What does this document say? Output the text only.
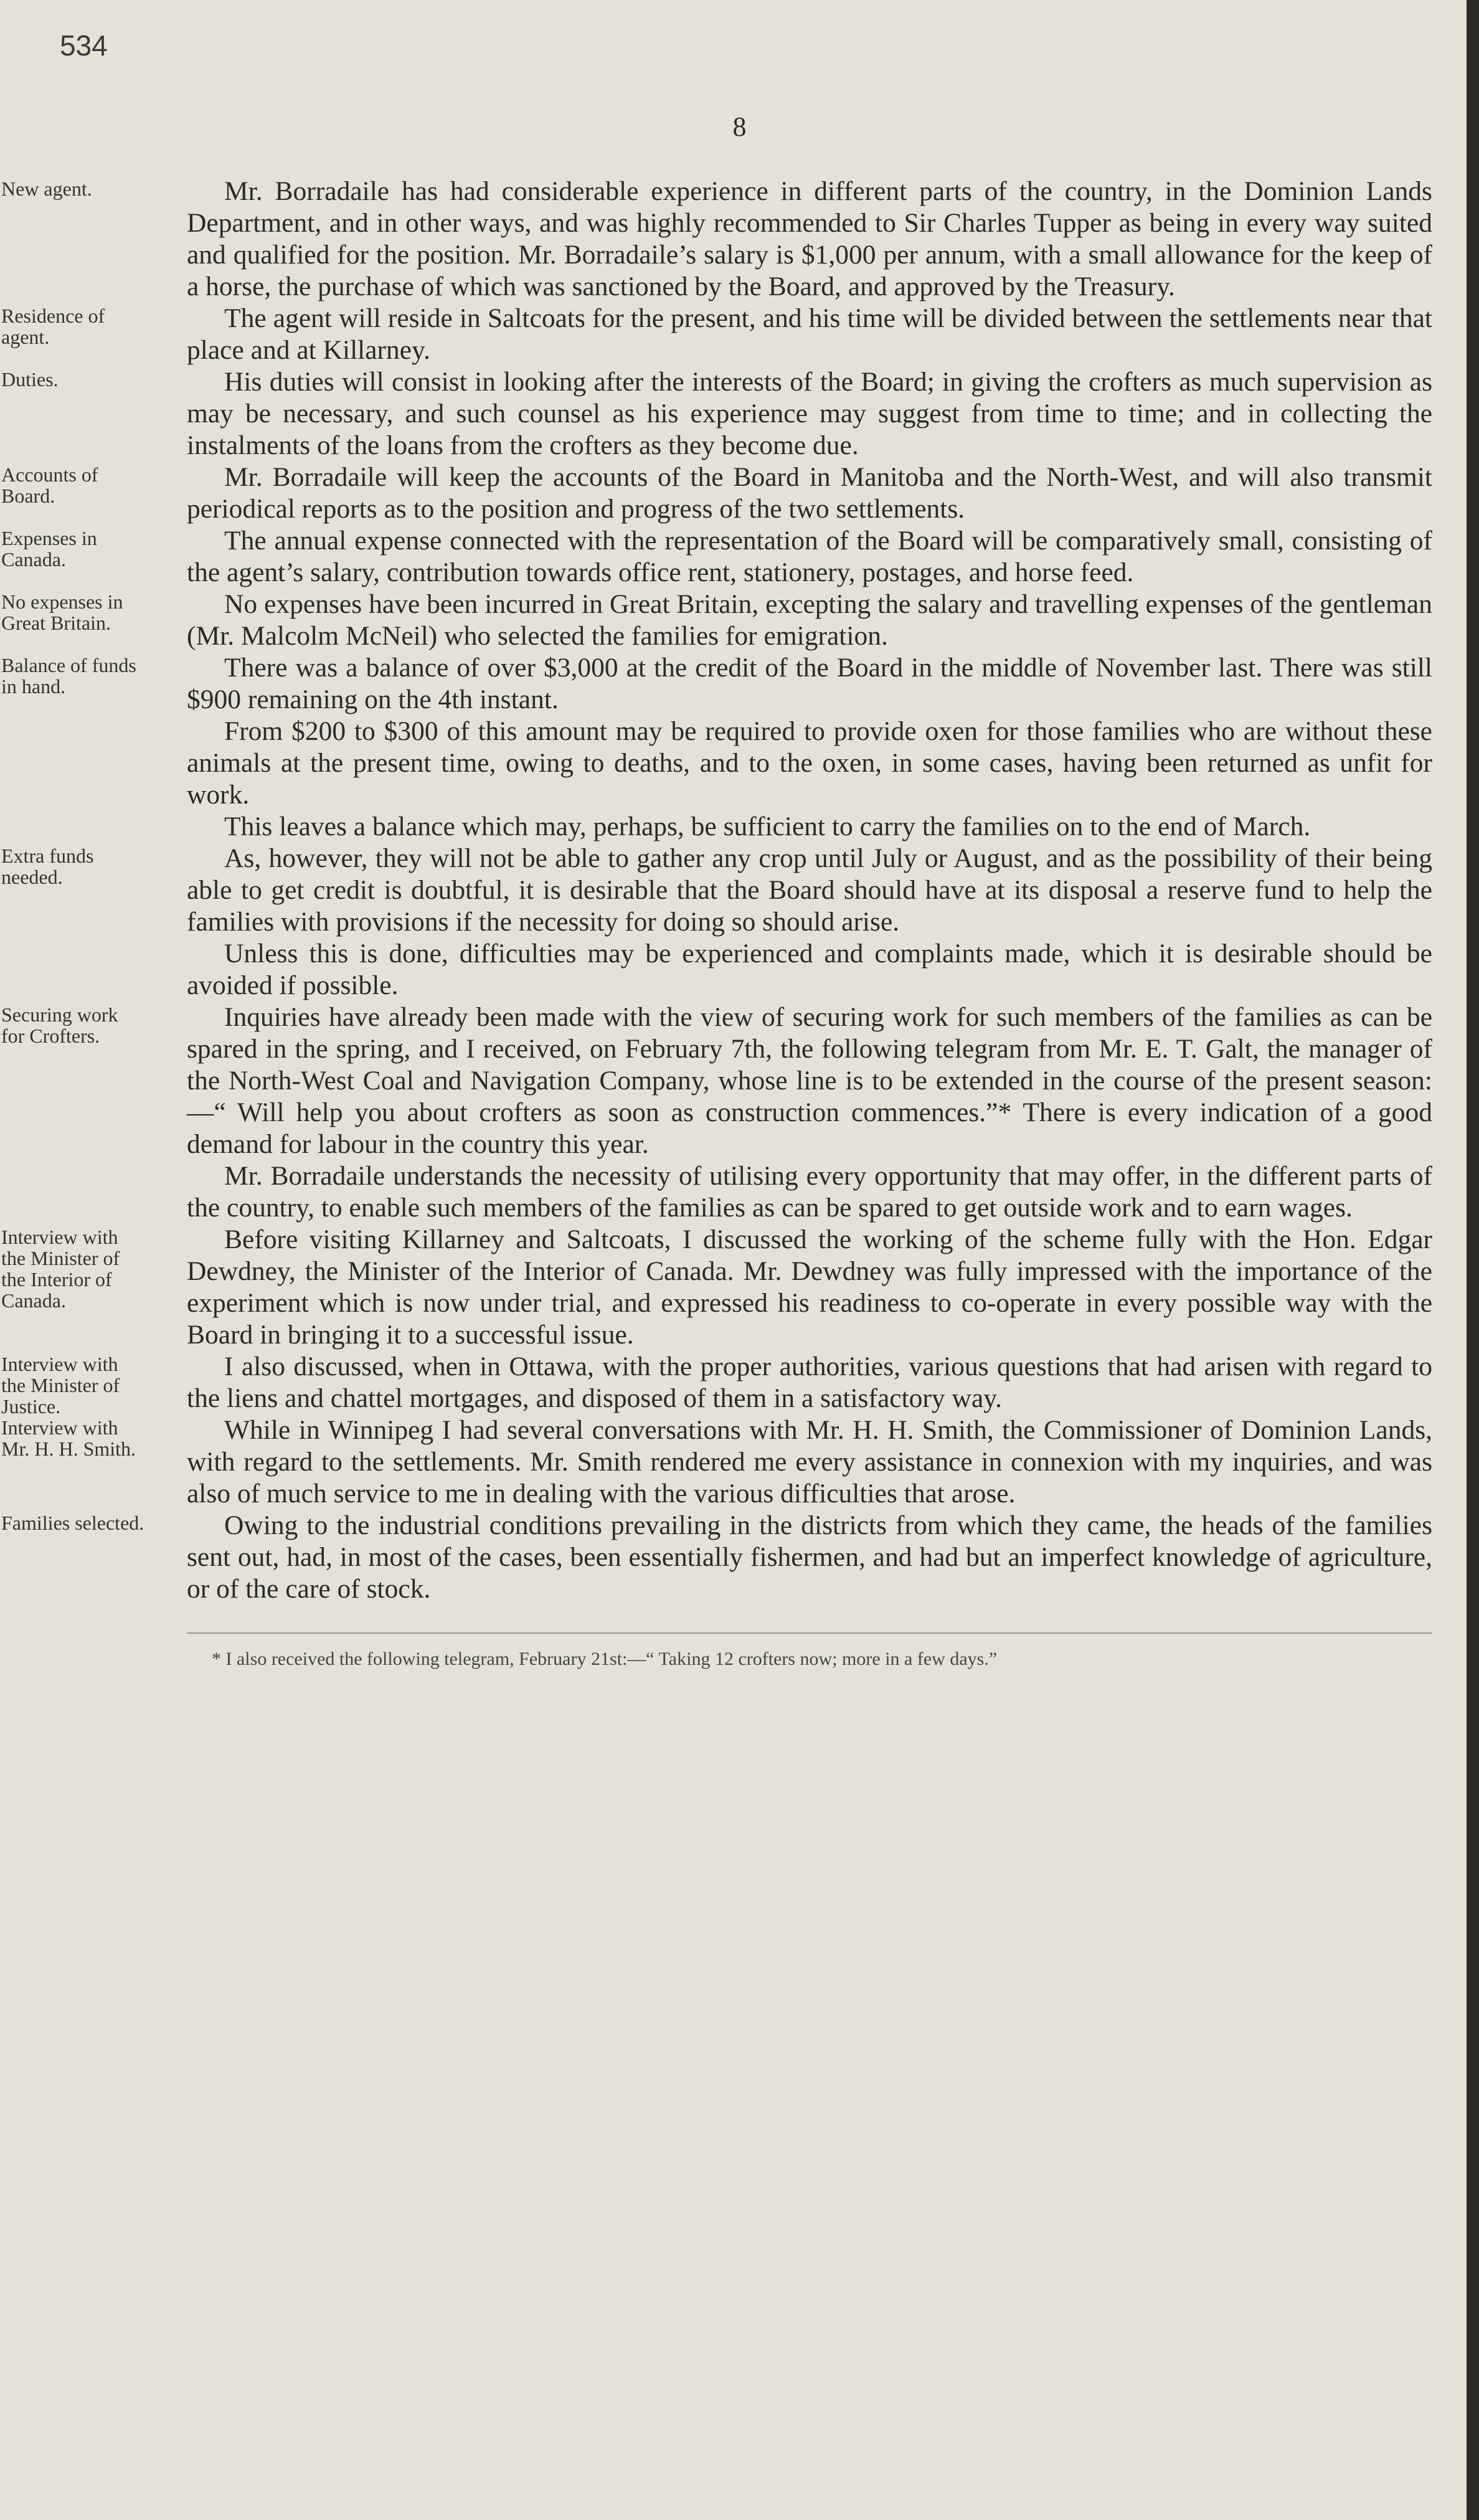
534
8

New agent.	Mr. Borradaile has had considerable experience in different parts of the country, in the Dominion Lands Department, and in other ways, and was highly recommended to Sir Charles Tupper as being in every way suited and qualified for the position. Mr. Borradaile’s salary is $1,000 per annum, with a small allowance for the keep of a horse, the purchase of which was sanctioned by the Board, and approved by the Treasury.

Residence of agent.
The agent will reside in Saltcoats for the present, and his time will be divided between the settlements near that place and at Killarney.

Duties.	His duties will consist in looking after the interests of the Board; in giving the crofters as much supervision as may be necessary, and such counsel as his experience may suggest from time to time; and in collecting the instalments of the loans from the crofters as they become due.

Accounts of Board.
Mr. Borradaile will keep the accounts of the Board in Manitoba and the North-West, and will also transmit periodical reports as to the position and progress of the two settlements.

Expenses in Canada.
The annual expense connected with the representation of the Board will be comparatively small, consisting of the agent’s salary, contribution towards office rent, stationery, postages, and horse feed.

No expenses in Great Britain.
No expenses have been incurred in Great Britain, excepting the salary and travelling expenses of the gentleman (Mr. Malcolm McNeil) who selected the families for emigration.

Balance of funds in hand.
There was a balance of over $3,000 at the credit of the Board in the middle of November last. There was still $900 remaining on the 4th instant.

From $200 to $300 of this amount may be required to provide oxen for those families who are without these animals at the present time, owing to deaths, and to the oxen, in some cases, having been returned as unfit for work.

This leaves a balance which may, perhaps, be sufficient to carry the families on to the end of March.

Extra funds needed.
As, however, they will not be able to gather any crop until July or August, and as the possibility of their being able to get credit is doubtful, it is desirable that the Board should have at its disposal a reserve fund to help the families with provisions if the necessity for doing so should arise.

Unless this is done, difficulties may be experienced and complaints made, which it is desirable should be avoided if possible.

Securing work for Crofters.
Inquiries have already been made with the view of securing work for such members of the families as can be spared in the spring, and I received, on February 7th, the following telegram from Mr. E. T. Galt, the manager of the North-West Coal and Navigation Company, whose line is to be extended in the course of the present season:—“ Will help you about crofters as soon as construction commences.”* There is every indication of a good demand for labour in the country this year.

Mr. Borradaile understands the necessity of utilising every opportunity that may offer, in the different parts of the country, to enable such members of the families as can be spared to get outside work and to earn wages.

Interview with the Minister of the Interior of Canada.
Before visiting Killarney and Saltcoats, I discussed the working of the scheme fully with the Hon. Edgar Dewdney, the Minister of the Interior of Canada. Mr. Dewdney was fully impressed with the importance of the experiment which is now under trial, and expressed his readiness to co-operate in every possible way with the Board in bringing it to a successful issue.

Interview with the Minister of Justice.
I also discussed, when in Ottawa, with the proper authorities, various questions that had arisen with regard to the liens and chattel mortgages, and disposed of them in a satisfactory way.

Interview with Mr. H. H. Smith.
While in Winnipeg I had several conversations with Mr. H. H. Smith, the Commissioner of Dominion Lands, with regard to the settlements. Mr. Smith rendered me every assistance in connexion with my inquiries, and was also of much service to me in dealing with the various difficulties that arose.

Families selected.	Owing to the industrial conditions prevailing in the districts from which they came, the heads of the families sent out, had, in most of the cases, been essentially fishermen, and had but an imperfect knowledge of agriculture, or of the care of stock.

* I also received the following telegram, February 21st:—“ Taking 12 crofters now; more in a few days.”
